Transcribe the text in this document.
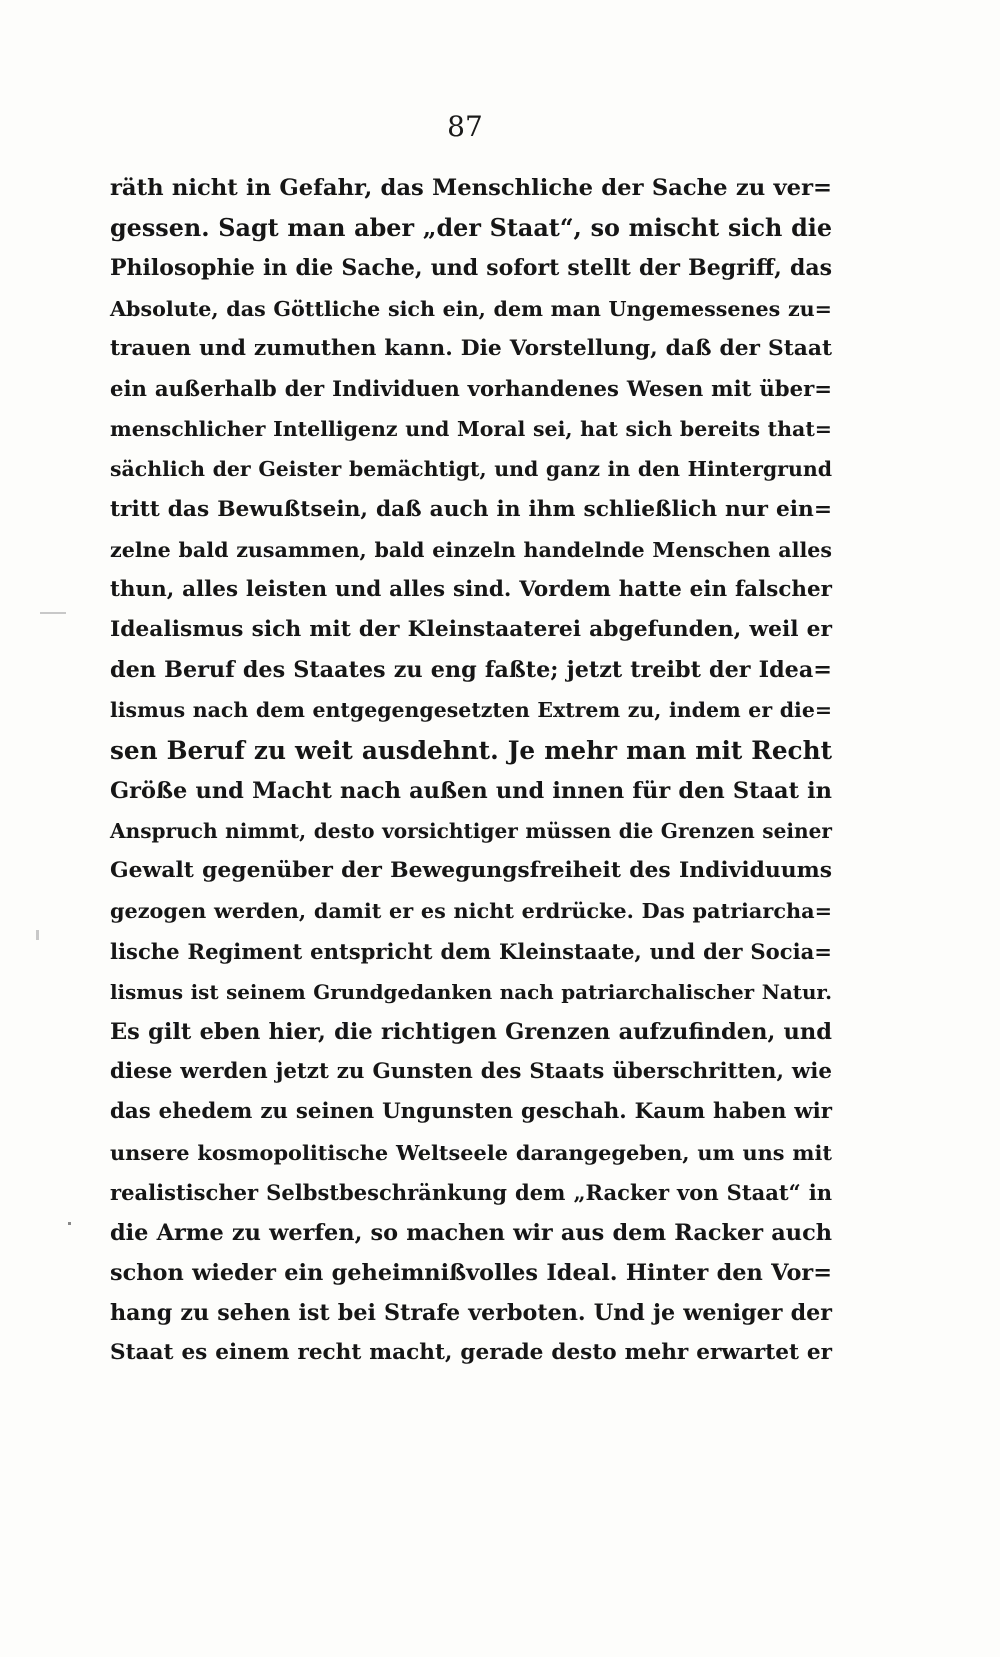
87
räth nicht in Gefahr, das Menschliche der Sache zu ver=
gessen. Sagt man aber „der Staat“, so mischt sich die
Philosophie in die Sache, und sofort stellt der Begriff, das
Absolute, das Göttliche sich ein, dem man Ungemessenes zu=
trauen und zumuthen kann. Die Vorstellung, daß der Staat
ein außerhalb der Individuen vorhandenes Wesen mit über=
menschlicher Intelligenz und Moral sei, hat sich bereits that=
sächlich der Geister bemächtigt, und ganz in den Hintergrund
tritt das Bewußtsein, daß auch in ihm schließlich nur ein=
zelne bald zusammen, bald einzeln handelnde Menschen alles
thun, alles leisten und alles sind. Vordem hatte ein falscher
Idealismus sich mit der Kleinstaaterei abgefunden, weil er
den Beruf des Staates zu eng faßte; jetzt treibt der Idea=
lismus nach dem entgegengesetzten Extrem zu, indem er die=
sen Beruf zu weit ausdehnt. Je mehr man mit Recht
Größe und Macht nach außen und innen für den Staat in
Anspruch nimmt, desto vorsichtiger müssen die Grenzen seiner
Gewalt gegenüber der Bewegungsfreiheit des Individuums
gezogen werden, damit er es nicht erdrücke. Das patriarcha=
lische Regiment entspricht dem Kleinstaate, und der Socia=
lismus ist seinem Grundgedanken nach patriarchalischer Natur.
Es gilt eben hier, die richtigen Grenzen aufzufinden, und
diese werden jetzt zu Gunsten des Staats überschritten, wie
das ehedem zu seinen Ungunsten geschah. Kaum haben wir
unsere kosmopolitische Weltseele darangegeben, um uns mit
realistischer Selbstbeschränkung dem „Racker von Staat“ in
die Arme zu werfen, so machen wir aus dem Racker auch
schon wieder ein geheimnißvolles Ideal. Hinter den Vor=
hang zu sehen ist bei Strafe verboten. Und je weniger der
Staat es einem recht macht, gerade desto mehr erwartet er
